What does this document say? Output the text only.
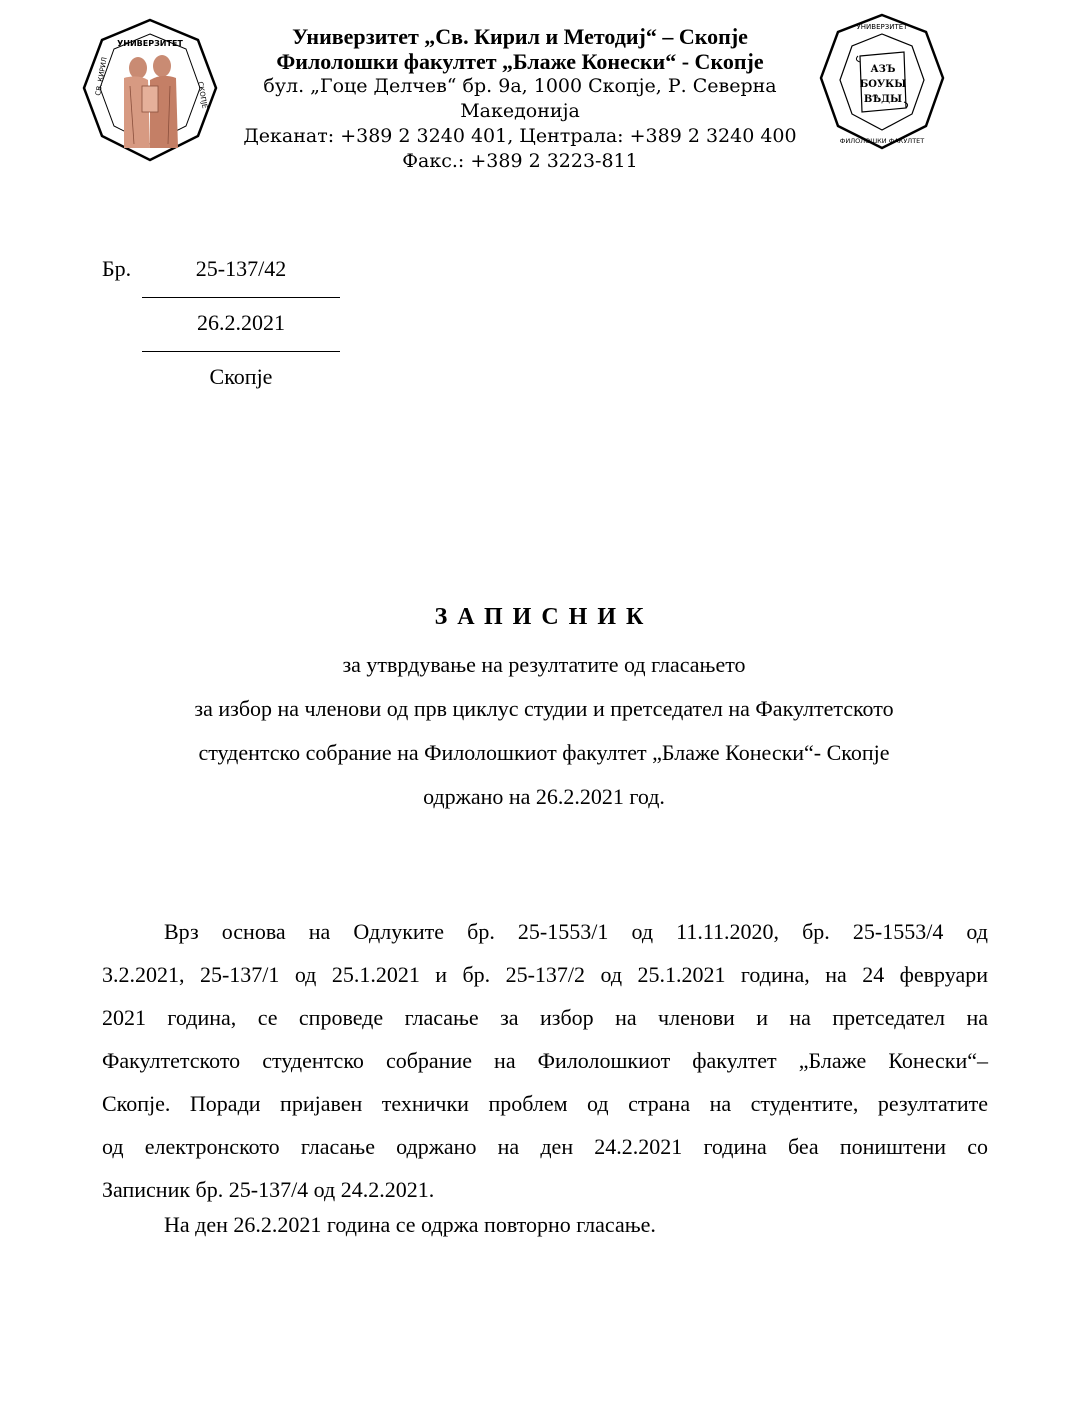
УНИВЕРЗИТЕТ
СВ. КИРИЛ	СКОПЈЕ
Универзитет „Св. Кирил и Методиј“ – Скопје
Филолошки факултет „Блаже Конески“ - Скопје
бул. „Гоце Делчев“ бр. 9а, 1000 Скопје, Р. Северна
Македонија
Деканат: +389 2 3240 401, Централа: +389 2 3240 400
Факс.: +389 2 3223-811
УНИВЕРЗИТЕТ
ФИЛОЛОШКИ ФАКУЛТЕТ
АЗЪ
БОУКЫ
ВѢДЫ
Бр.	25-137/42
26.2.2021
Скопје
ЗАПИСНИК
за утврдување на резултатите од гласањето
за избор на членови од прв циклус студии и претседател на Факултетското
студентско собрание на Филолошкиот факултет „Блаже Конески“- Скопје
одржано на 26.2.2021 год.
Врз основа на Одлуките бр. 25-1553/1 од 11.11.2020, бр. 25-1553/4 од
3.2.2021, 25-137/1 од 25.1.2021 и бр. 25-137/2 од 25.1.2021 година, на 24 февруари
2021 година, се спроведе гласање за избор на членови и на претседател на
Факултетското студентско собрание на Филолошкиот факултет „Блаже Конески“–
Скопје. Поради пријавен технички проблем од страна на студентите, резултатите
од електронското гласање одржано на ден 24.2.2021 година беа поништени со
Записник бр. 25-137/4 од 24.2.2021.
На ден 26.2.2021 година се одржа повторно гласање.
